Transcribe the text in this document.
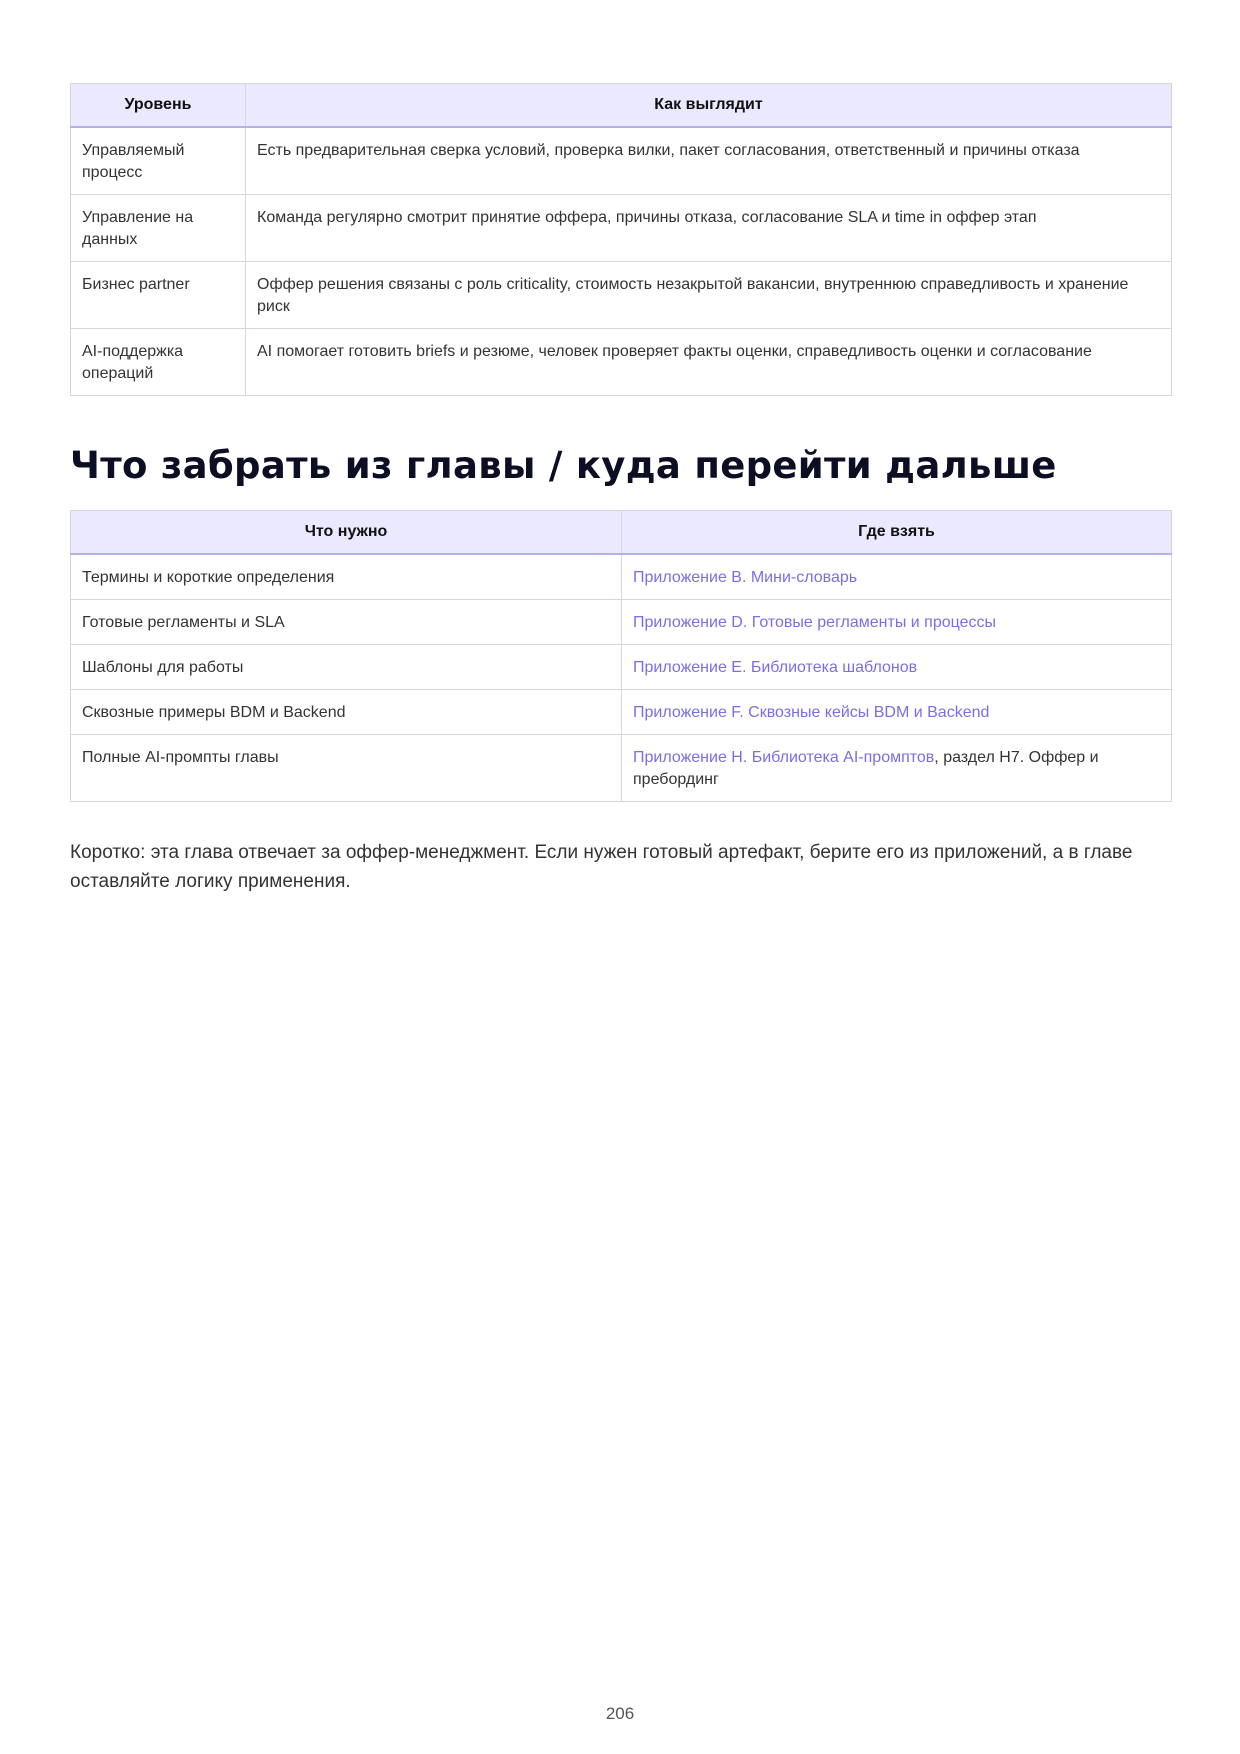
Уровень	Как выглядит
Управляемый процесс	Есть предварительная сверка условий, проверка вилки, пакет согласования, ответственный и причины отказа
Управление на данных	Команда регулярно смотрит принятие оффера, причины отказа, согласование SLA и time in оффер этап
Бизнес partner	Оффер решения связаны с роль criticality, стоимость незакрытой вакансии, внутреннюю справедливость и хранение риск
AI-поддержка операций	AI помогает готовить briefs и резюме, человек проверяет факты оценки, справедливость оценки и согласование
Что забрать из главы / куда перейти дальше
Что нужно	Где взять
Термины и короткие определения	Приложение B. Мини-словарь
Готовые регламенты и SLA	Приложение D. Готовые регламенты и процессы
Шаблоны для работы	Приложение E. Библиотека шаблонов
Сквозные примеры BDM и Backend	Приложение F. Сквозные кейсы BDM и Backend
Полные AI-промпты главы	Приложение H. Библиотека AI-промптов, раздел H7. Оффер и пребординг

Коротко: эта глава отвечает за оффер-менеджмент. Если нужен готовый артефакт, берите его из приложений, а в главе оставляйте логику применения.

206
